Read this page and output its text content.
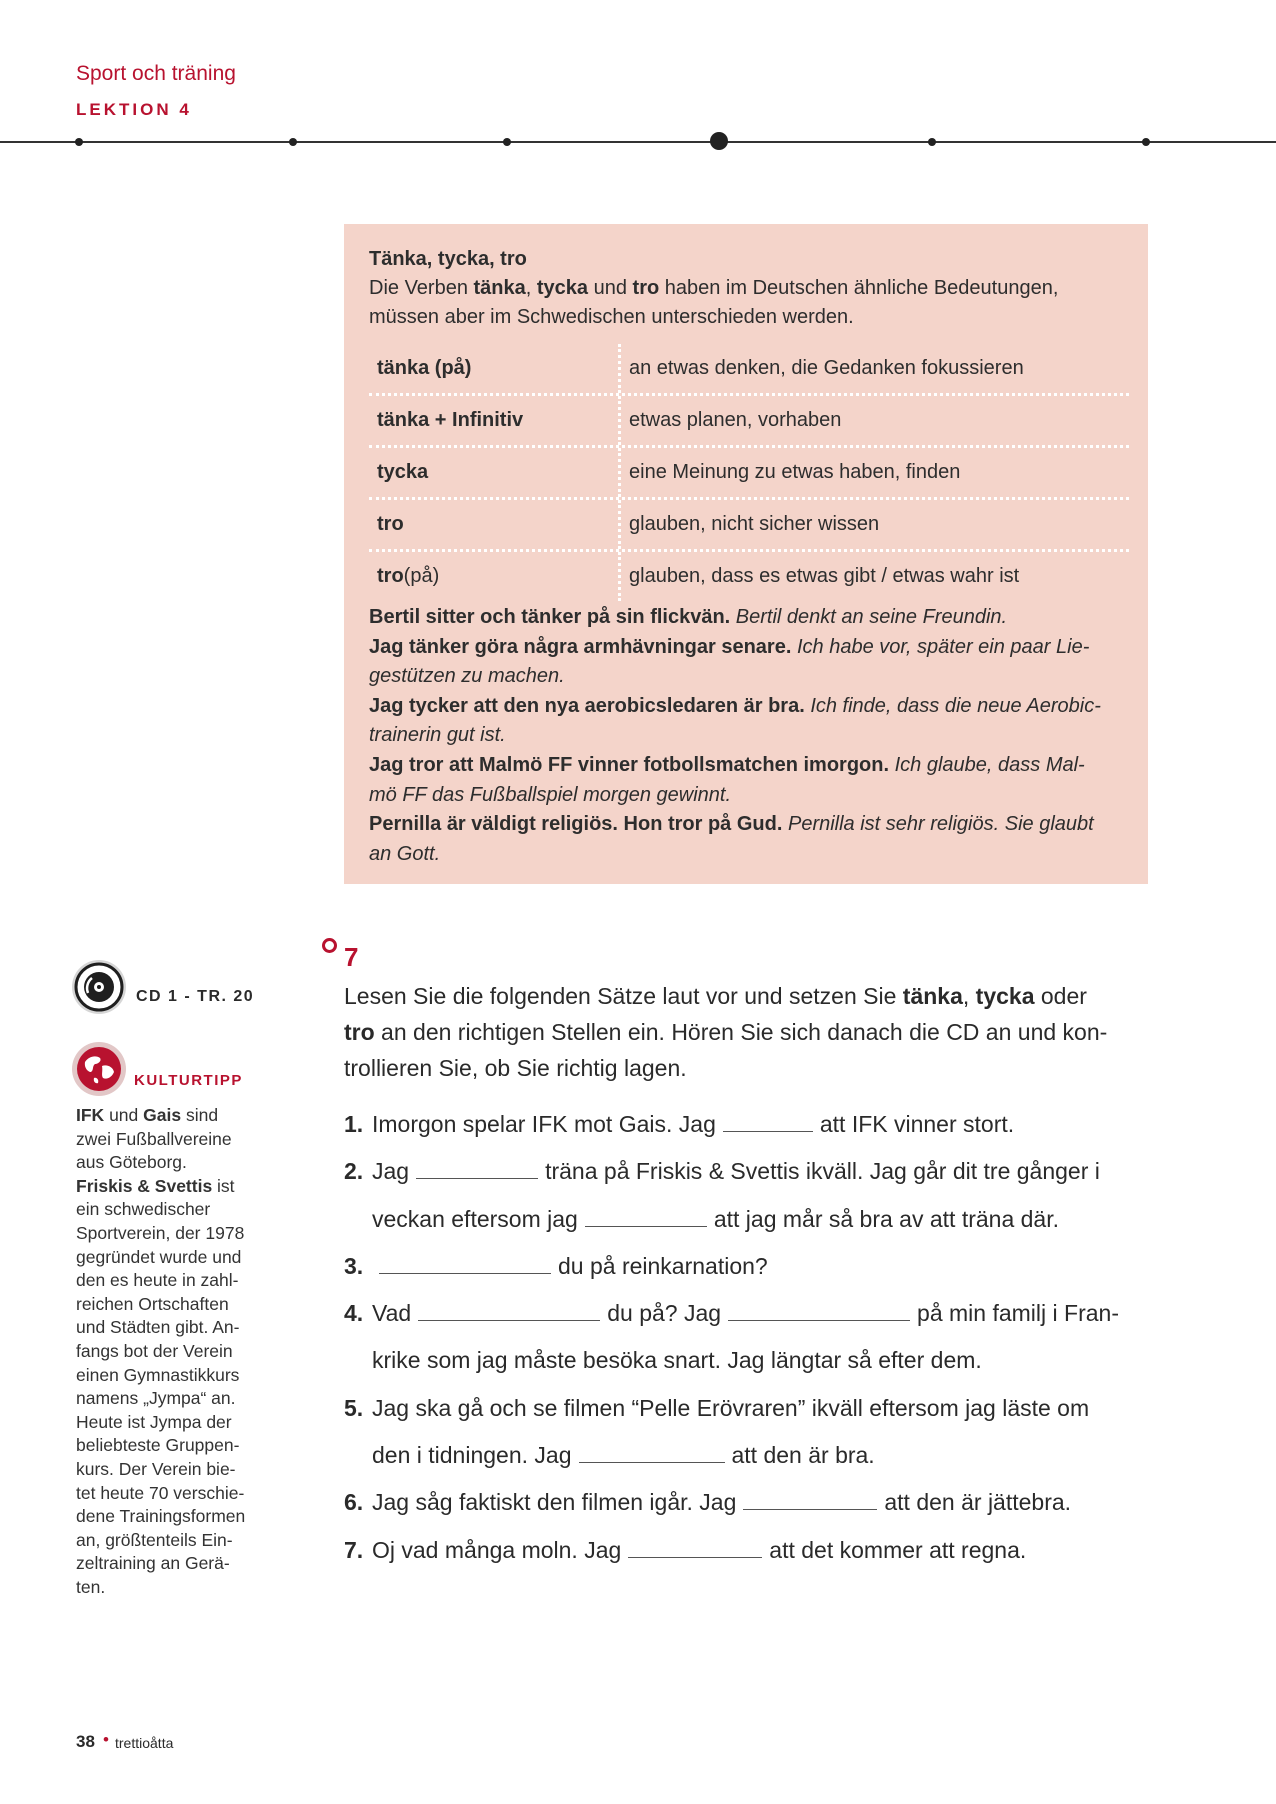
Sport och träning
LEKTION 4
Tänka, tycka, tro
Die Verben tänka, tycka und tro haben im Deutschen ähnliche Bedeutungen,
müssen aber im Schwedischen unterschieden werden.
tänka (på)	an etwas denken, die Gedanken fokussieren
tänka + Infinitiv	etwas planen, vorhaben
tycka	eine Meinung zu etwas haben, finden
tro	glauben, nicht sicher wissen
tro (på)	glauben, dass es etwas gibt / etwas wahr ist
Bertil sitter och tänker på sin flickvän. Bertil denkt an seine Freundin.
Jag tänker göra några armhävningar senare. Ich habe vor, später ein paar Lie-
gestützen zu machen.
Jag tycker att den nya aerobicsledaren är bra. Ich finde, dass die neue Aerobic-
trainerin gut ist.
Jag tror att Malmö FF vinner fotbollsmatchen imorgon. Ich glaube, dass Mal-
mö FF das Fußballspiel morgen gewinnt.
Pernilla är väldigt religiös. Hon tror på Gud. Pernilla ist sehr religiös. Sie glaubt
an Gott.
7
Lesen Sie die folgenden Sätze laut vor und setzen Sie tänka, tycka oder
tro an den richtigen Stellen ein. Hören Sie sich danach die CD an und kon-
trollieren Sie, ob Sie richtig lagen.
1. Imorgon spelar IFK mot Gais. Jag	att IFK vinner stort.
2. Jag	träna på Friskis & Svettis ikväll. Jag går dit tre gånger i
veckan eftersom jag	att jag mår så bra av att träna där.
3.	du på reinkarnation?
4. Vad	du på? Jag	på min familj i Fran-
krike som jag måste besöka snart. Jag längtar så efter dem.
5. Jag ska gå och se filmen “Pelle Erövraren” ikväll eftersom jag läste om
den i tidningen. Jag	att den är bra.
6. Jag såg faktiskt den filmen igår. Jag	att den är jättebra.
7. Oj vad många moln. Jag	att det kommer att regna.
CD 1 - TR. 20
KULTURTIPP
IFK und Gais sind
zwei Fußballvereine
aus Göteborg.
Friskis & Svettis ist
ein schwedischer
Sportverein, der 1978
gegründet wurde und
den es heute in zahl-
reichen Ortschaften
und Städten gibt. An-
fangs bot der Verein
einen Gymnastikkurs
namens „Jympa“ an.
Heute ist Jympa der
beliebteste Gruppen-
kurs. Der Verein bie-
tet heute 70 verschie-
dene Trainingsformen
an, größtenteils Ein-
zeltraining an Gerä-
ten.
38 • trettioåtta
